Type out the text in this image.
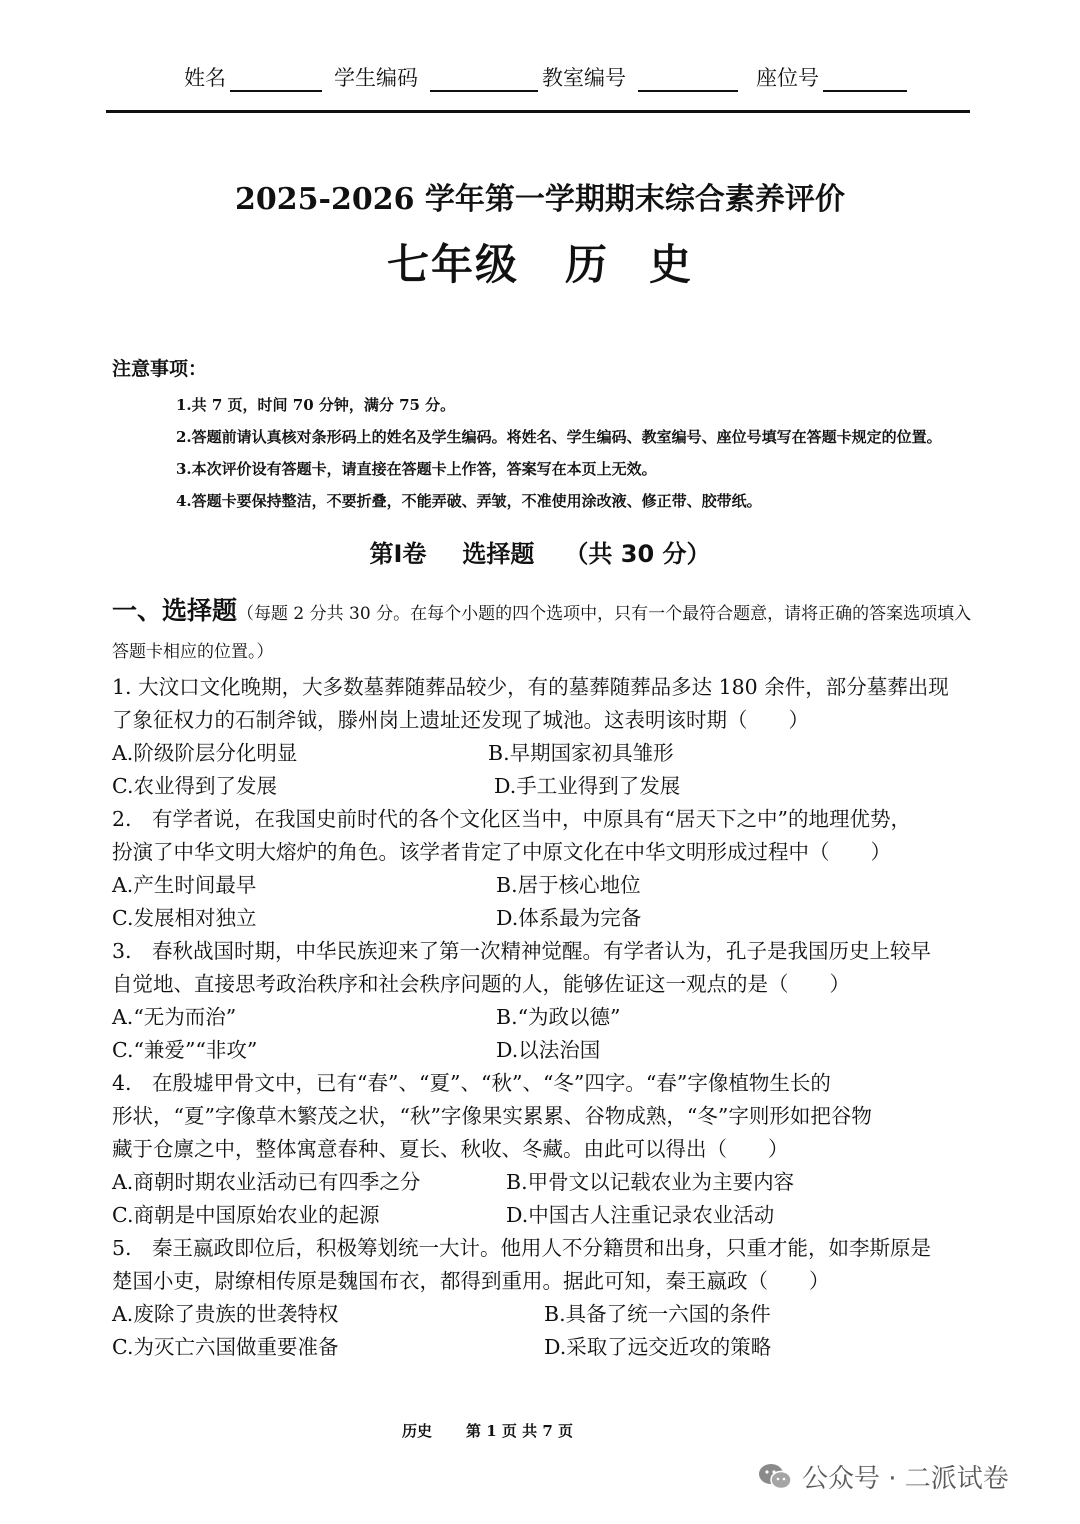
姓名	学生编码	教室编号	座位号
2025-2026 学年第一学期期末综合素养评价
七年级 历 史
注意事项：
1.共 7 页，时间 70 分钟，满分 75 分。
2.答题前请认真核对条形码上的姓名及学生编码。将姓名、学生编码、教室编号、座位号填写在答题卡规定的位置。
3.本次评价设有答题卡，请直接在答题卡上作答，答案写在本页上无效。
4.答题卡要保持整洁，不要折叠，不能弄破、弄皱，不准使用涂改液、修正带、胶带纸。
第Ⅰ卷 选择题 （共 30 分）
一、选择题（每题 2 分共 30 分。在每个小题的四个选项中，只有一个最符合题意，请将正确的答案选项填入答题卡相应的位置。）
1. 大汶口文化晚期，大多数墓葬随葬品较少，有的墓葬随葬品多达 180 余件，部分墓葬出现
了象征权力的石制斧钺，滕州岗上遗址还发现了城池。这表明该时期（　　）
A.阶级阶层分化明显	B.早期国家初具雏形
C.农业得到了发展	D.手工业得到了发展
2.　有学者说，在我国史前时代的各个文化区当中，中原具有“居天下之中”的地理优势，
扮演了中华文明大熔炉的角色。该学者肯定了中原文化在中华文明形成过程中（　　）
A.产生时间最早	B.居于核心地位
C.发展相对独立	D.体系最为完备
3.　春秋战国时期，中华民族迎来了第一次精神觉醒。有学者认为，孔子是我国历史上较早
自觉地、直接思考政治秩序和社会秩序问题的人，能够佐证这一观点的是（　　）
A.“无为而治”	B.“为政以德”
C.“兼爱”“非攻”	D.以法治国
4.　在殷墟甲骨文中，已有“春”、“夏”、“秋”、“冬”四字。“春”字像植物生长的
形状，“夏”字像草木繁茂之状，“秋”字像果实累累、谷物成熟，“冬”字则形如把谷物
藏于仓廪之中，整体寓意春种、夏长、秋收、冬藏。由此可以得出（　　）
A.商朝时期农业活动已有四季之分	B.甲骨文以记载农业为主要内容
C.商朝是中国原始农业的起源	D.中国古人注重记录农业活动
5.　秦王嬴政即位后，积极筹划统一大计。他用人不分籍贯和出身，只重才能，如李斯原是
楚国小吏，尉缭相传原是魏国布衣，都得到重用。据此可知，秦王嬴政（　　）
A.废除了贵族的世袭特权	B.具备了统一六国的条件
C.为灭亡六国做重要准备	D.采取了远交近攻的策略
历史 第 1 页 共 7 页
公众号 · 二派试卷
